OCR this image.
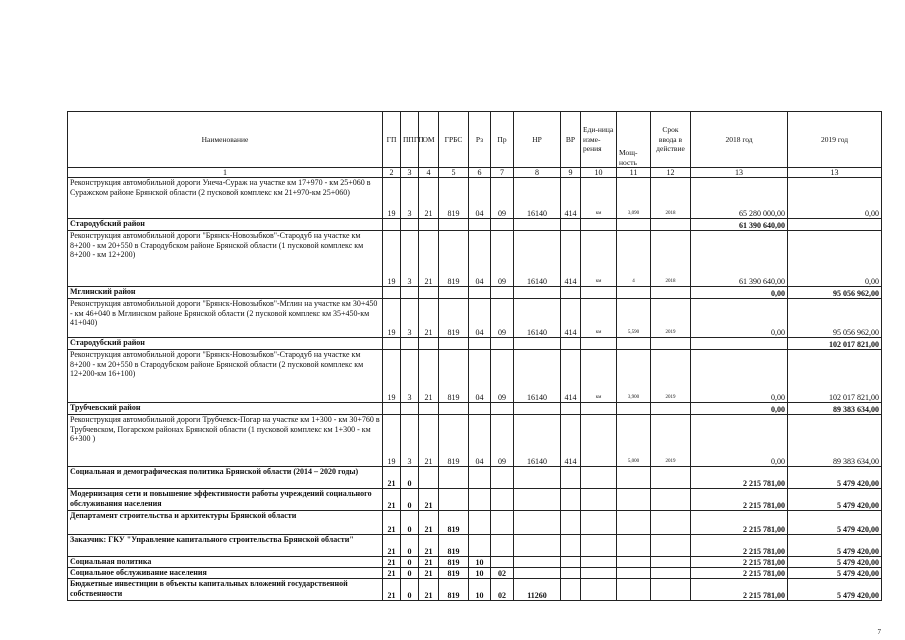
Наименование	ГП	ППГП	ОМ	ГРБС	Рз	Пр	НР	ВР	Еди-ница изме-рения	Мощ-ность	Срок ввода в действие	2018 год	2019 год
1	2	3	4	5	6	7	8	9	10	11	12	13	13
Реконструкция автомобильной дороги Унеча-Сураж на участке км 17+970 - км 25+060 в Суражском районе Брянской области (2 пусковой комплекс км 21+970-км 25+060)	19	3	21	819	04	09	16140	414	км	3,090	2018	65 280 000,00	0,00
Стародубский район												61 390 640,00	
Реконструкция автомобильной дороги "Брянск-Новозыбков"-Стародуб на участке км 8+200 - км 20+550 в Стародубском районе Брянской области (1 пусковой комплекс км 8+200 - км 12+200)	19	3	21	819	04	09	16140	414	км	4	2018	61 390 640,00	0,00
Мглинский район												0,00	95 056 962,00
Реконструкция автомобильной дороги "Брянск-Новозыбков"-Мглин на участке км 30+450 - км 46+040 в Мглинском районе Брянской области (2 пусковой комплекс км 35+450-км 41+040)	19	3	21	819	04	09	16140	414	км	5,590	2019	0,00	95 056 962,00
Стародубский район													102 017 821,00
Реконструкция автомобильной дороги "Брянск-Новозыбков"-Стародуб на участке км 8+200 - км 20+550 в Стародубском районе Брянской области (2 пусковой комплекс км 12+200-км 16+100)	19	3	21	819	04	09	16140	414	км	3,900	2019	0,00	102 017 821,00
Трубчевский район												0,00	89 383 634,00
Реконструкция автомобильной дороги Трубчевск-Погар на участке км 1+300 - км 30+760 в Трубчевском, Погарском районах Брянской области (1 пусковой комплекс км 1+300 - км 6+300 )	19	3	21	819	04	09	16140	414		5,000	2019	0,00	89 383 634,00
Социальная и демографическая политика Брянской области (2014 – 2020 годы)	21	0										2 215 781,00	5 479 420,00
Модернизация сети и повышение эффективности работы учреждений социального обслуживания населения	21	0	21									2 215 781,00	5 479 420,00
Департамент строительства и архитектуры Брянской области	21	0	21	819								2 215 781,00	5 479 420,00
Заказчик: ГКУ "Управление капитального строительства Брянской области"	21	0	21	819								2 215 781,00	5 479 420,00
Социальная политика	21	0	21	819	10							2 215 781,00	5 479 420,00
Социальное обслуживание населения	21	0	21	819	10	02						2 215 781,00	5 479 420,00
Бюджетные инвестиции в объекты капитальных вложений государственной собственности	21	0	21	819	10	02	11260					2 215 781,00	5 479 420,00
7
